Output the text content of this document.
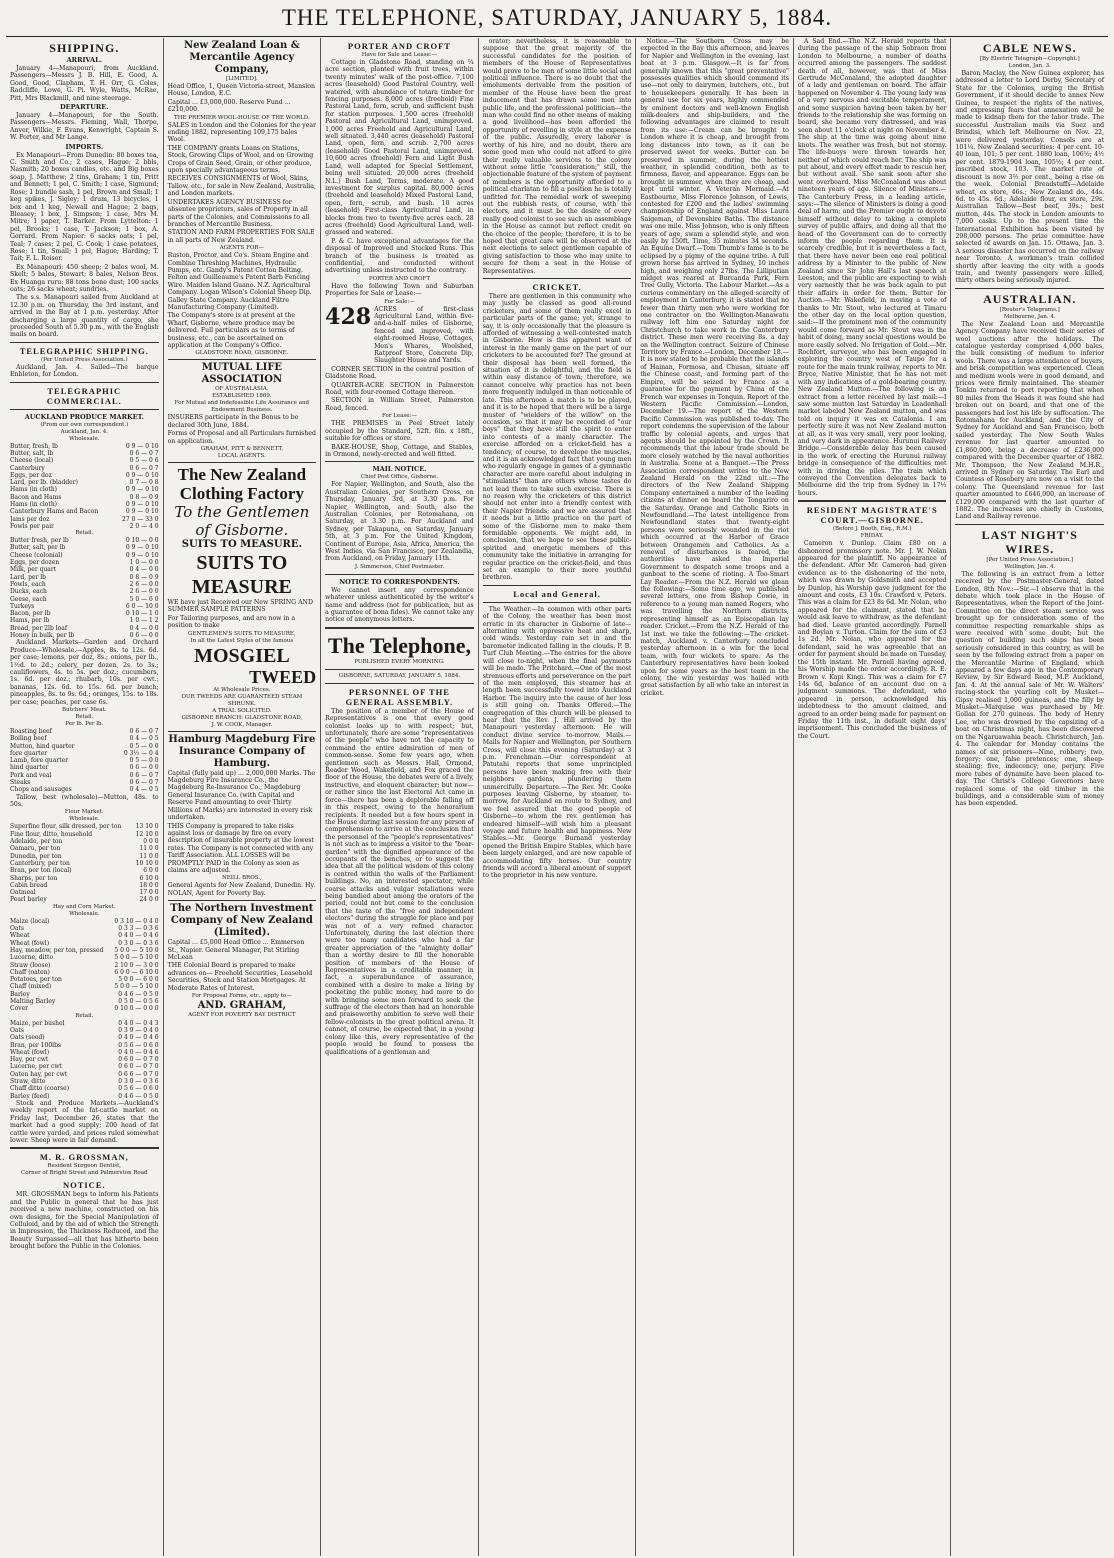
THE TELEPHONE, SATURDAY, JANUARY 5, 1884.
SHIPPING.
ARRIVAL.

January 4—Manapouri, from Auckland. Passengers—Messrs J. B. Hill, E. Good, A. Good, Good, Clapham, T. H. Orr, G. Coles, Radcliffe, Lowe, G. Pi. Wyle, Watts, McRae, Pitt, Mrs Blackmill, and nine steerage.

DEPARTURE.

January 4—Manapouri, for the South. Passengers—Messrs. Fleming, Wall, Thorpe, Anver, Wilkie, F. Evans, Kenwright, Captain S. W. Porter, and Mr Lange.

IMPORTS.

Ex Manapouri—From Dunedin: 80 boxes tea, C. Smith and Co.; 2 cases, Hague; 2 bbls, Nasmith; 20 boxes candles, etc. and Big boxes soap, J. Matthew; 2 tins, Graham; 1 tin, Pritt and Bennett; 1 pel, C. Smith; 1 case, Sigmund; Rose; 1 bundle sash, 1 pel, Brown and Small; 1 keg spikes, J. Sigley; 1 drum, 13 bicycles, 1 box and 1 keg, Newall and Hague; 2 bags, Bleasey; 1 box, J. Simpson; 1 case, Mrs M. Mitre; 1 paper, T. Barker. From Lyttelton: 1 pel, Brooks; 1 case, T. Jackson; 1 box, A. Gerrard. From Napier: 6 sacks oats; 1 pel, Teal; 7 cases; 2 pel, C. Cook; 1 case potatoes, Rose; 1 tin, Small; 1 pel, Hague; Harding; T. Tait; F. L. Roiser.

Ex Manapouri: 450 sheep; 2 bales wool, M. Skelt; 5 bales, Stewart; 8 bales, Nelson Bros. Ex Huanga ruru: 88 tons bone dust; 100 sacks oats; 26 sacks wheat; sundries.

The s.s. Manapouri sailed from Auckland at 12.30 p.m. on Thursday, the 3rd instant, and arrived in the Bay at 1 p.m. yesterday. After discharging a large quantity of cargo, she proceeded South at 5.30 p.m., with the English mails on board.

TELEGRAPHIC SHIPPING.
(Per United Press Association.)

Auckland, Jan. 4. Sailed—The barque Enbleton, for London.

TELEGRAPHIC COMMERCIAL.
AUCKLAND PRODUCE MARKET.
(From our own correspondent.)
Auckland, Jan. 4.
Wholesale.
Butter, fresh, lb	0 9 — 0 10
Butter, salt, lb	0 6 — 0 7
Cheese (local)	0 5 — 0 6
Canterbury	0 6 — 0 7
Eggs, per doz	0 9 — 0 10
Lard, per lb. (bladder)	0 7 — 0 8
Hams (in cloth)	0 9 — 0 10
Bacon and Hams	0 8 — 0 9
Hams (in cloth)	0 9 — 0 10
Canterbury Hams and Bacon	0 9 — 0 10
Jams per doz	27 0 — 33 0
Fowls per pair	2 0 — 4 0
Retail.
Butter fresh, per lb	0 10 — 0 0
Butter, salt, per lb	0 9 — 0 10
Cheese (colonial)	0 9 — 0 10
Eggs, per dozen	1 0 — 0 0
Milk, per quart	0 4 — 0 0
Lard, per lb	0 8 — 0 9
Fowls, each	2 6 — 0 0
Ducks, each	2 6 — 0 0
Geese, each	5 0 — 6 0
Turkeys	6 0 — 10 0
Bacon, per lb	0 10 — 1 0
Hams, per lb	1 0 — 1 2
Bread, per 2lb loaf	0 4 — 0 0
Honey in bulk, per lb	0 6 — 0 0

Auckland Markets—Garden and Orchard Produce—Wholesale.—Apples, 8s. to 12s. 6d. per case; lemons, per doz, 8s.; onions, per lb., 1½d. to 2d.; celery, per dozen, 2s. to 3s.; cauliflowers, 4s. to 5s. per doz.; cucumbers, 1s. 6d. per doz.; rhubarb, 10s. per cwt.; bananas, 12s. 6d. to 15s. 6d. per bunch; pineapples, 8s. to 9s. 6d.; oranges, 15s. to 18s. per case; peaches, per case 6s.

Butchers' Meat.
Retail.
Per lb. Per lb.
Roasting beef	0 6 — 0 7
Boiling beef	0 4 — 0 5
Mutton, hind quarter	0 5 — 0 0
fore quarter	0 3½ — 0 4
Lamb, fore quarter	0 5 — 0 0
hind quarter	0 6 — 0 0
Pork and veal	0 6 — 0 7
Steaks	0 6 — 0 7
Chops and sausages	0 4 — 0 5

Tallow, best (wholesale)—Mutton, 48s. to 50s.

Flour Market.
Wholesale.
Superfine flour, silk dressed, per ton	13 10 0
Fine flour, ditto, household	12 10 0
Adelaide, per ton	0 0 0
Oamaru, per ton	11 0 0
Dunedin, per ton	11 0 0
Canterbury, per ton	10 10 0
Bran, per ton (local)	6 0 0
Sharps, per ton	6 10 0
Cabin bread	18 0 0
Oatmeal	17 0 0
Pearl barley	24 0 0
Hay and Corn Market.
Wholesale.
Maize (local)	0 3 10 — 0 4 0
Oats	0 3 3 — 0 3 6
Wheat	0 4 0 — 0 4 6
Wheat (fowl)	0 3 0 — 0 3 6
Hay, meadow, per ton, pressed	5 0 0 — 5 10 0
Lucerne, ditto	5 0 0 — 5 10 0
Straw (loose)	2 10 0 — 3 0 0
Chaff (oaten)	6 0 0 — 6 10 0
Potatoes, per ton	5 0 0 — 6 0 0
Chaff (mixed)	5 0 0 — 5 10 0
Barley	0 4 6 — 0 5 0
Malting Barley	0 5 0 — 0 5 6
Cover	0 10 0 — 0 0 0
Retail.
Maize, per bushel	0 4 0 — 0 4 3
Oats	0 3 9 — 0 4 0
Oats (seed)	0 4 0 — 0 4 6
Bran, per 100lbs	0 5 6 — 0 6 0
Wheat (fowl)	0 4 0 — 0 4 6
Hay, per cwt	0 6 0 — 0 7 0
Lucerne, per cwt	0 6 0 — 0 7 0
Oaten hay, per cwt	0 6 6 — 0 7 0
Straw, ditto	0 3 0 — 0 3 6
Chaff ditto (coarse)	0 5 6 — 0 6 0
Barley (feed)	0 4 6 — 0 5 0

Stock and Produce Markets.—Auckland's weekly report of the fat-cattle market on Friday last, December 26, states that the market had a good supply; 200 head of fat cattle were yarded, and prices ruled somewhat lower. Sheep were in fair demand.

M. R. GROSSMAN,
Resident Surgeon Dentist,
Corner of Bright Street and Palmerston Road
NOTICE.

MR. GROSSMAN begs to inform his Patients and the Public in general that he has just received a new machine, constructed on his own designs, for the Special Manipulation of Celluloid, and by the aid of which the Strength in Impression, the Thickness Reduced, and the Beauty Surpassed—all that has hitherto been brought before the Public in the Colonies.

New Zealand Loan & Mercantile Agency Company,
[LIMITED].

Head Office, 1, Queen Victoria-street, Mansion House, London, E.C.

Capital ... £3,000,000. Reserve Fund ... £210,000.

THE PREMIER WOOL-HOUSE OF THE WORLD.

SALES in London and the Colonies for the year ending 1882, representing 109,175 bales Wool.

THE COMPANY grants Loans on Stations, Stock, Growing Clips of Wool, and on Growing Crops of Grain Seed, Grain, or other produce, upon specially advantageous terms.

RECEIVES CONSIGNMENTS of Wool, Skins, Tallow, etc., for sale in New Zealand, Australia, and London markets.

UNDERTAKES AGENCY BUSINESS for absentee proprietors, sales of Property in all parts of the Colonies, and Commissions to all branches of Mercantile Business.

STATION AND FARM PROPERTIES FOR SALE in all parts of New Zealand.

AGENTS FOR—

Ruston, Proctor, and Co's. Steam Engine and Combine Threshing Machines, Hydraulic Pumps, etc. Gandy's Patent Cotton Belting. Felton and Guilleaume's Patent Barb Fencing Wire. Maiden Island Guano. N.Z. Agricultural Company. Logan Wilson's Colonial Sheep Dip. Galley State Company. Auckland Filtre Manufacturing Company (Limited).

The Company's store is at present at the Wharf, Gisborne, where produce may be delivered. Full particulars as to terms of business, etc., can be ascertained on application at the Company's Office.

GLADSTONE ROAD, GISBORNE.
MUTUAL LIFE ASSOCIATION
OF AUSTRALASIA.
ESTABLISHED 1869.
For Mutual and Indefeasible Life Assurance and Endowment Business.

INSURERS participate in the Bonus to be declared 30th June, 1884.

Forms of Proposal and all Particulars furnished on application.

GRAHAM, PITT & BENNETT,
LOCAL AGENTS.
The New Zealand Clothing Factory
To the Gentlemen of Gisborne.
SUITS TO MEASURE.
SUITS TO MEASURE

WE have just Received our New SPRING AND SUMMER SAMPLE PATTERNS

For Tailoring purposes, and are now in a position to make

GENTLEMEN'S SUITS TO MEASURE,
In all the Latest Styles of the famous
MOSGIEL
TWEED
At Wholesale Prices.
OUR TWEEDS ARE GUARANTEED STEAM SHRUNK.
A TRIAL SOLICITED.
GISBORNE BRANCH: GLADSTONE ROAD,
J. W. COOK, Manager.
Hamburg Magdeburg Fire Insurance Company of Hamburg.

Capital (fully paid up) ... 2,000,000 Marks. The Magdeburg Fire Insurance Co., the Magdeburg Re-Insurance Co., Magdeburg General Insurance Co. (with Capital and Reserve Fund amounting to over Thirty Millions of Marks) are interested in every risk undertaken.

THIS Company is prepared to take risks against loss or damage by fire on every description of insurable property at the lowest rates. The Company is not connected with any Tariff Association. ALL LOSSES will be PROMPTLY PAID in the Colony as soon as claims are adjusted.

NEILL BROS.,

General Agents for New Zealand, Dunedin. Hy. NOLAN, Agent for Poverty Bay.

The Northern Investment Company of New Zealand (Limited).

Capital ... £5,000 Head Office ... Emmerson St., Napier. General Manager, Pat Stirling McLean

THE Colonial Board is prepared to make advances on— Freehold Securities, Leasehold Securities, Stock and Station Mortgages. At Moderate Rates of Interest.

For Proposal Forms, etc., apply to—
AND. GRAHAM,
AGENT FOR POVERTY BAY DISTRICT
PORTER AND CROFT
Have for Sale and Lease:—

Cottage in Gladstone Road, standing on ¼ acre section, planted with fruit trees, within twenty minutes' walk of the post-office. 7,100 acres (leasehold) Good Pastoral Country, well watered, with abundance of totara timber for fencing purposes. 8,000 acres (freehold) Fine Pastoral Land, fern, scrub, and sufficient bush for station purposes. 1,500 acres (freehold) Pastoral and Agricultural Land, unimproved. 1,000 acres Freehold and Agricultural Land, well situated. 3,440 acres (leasehold) Pastoral Land, open, fern, and scrub. 2,700 acres (leasehold) Good Pastoral Land, unimproved. 10,600 acres (freehold) Fern and Light Bush Land, well adapted for Special Settlement, being well situated. 20,000 acres (freehold N.L.) Bush Land, Terms, moderate. A good investment for surplus capital. 80,000 acres (freehold and leasehold) Mixed Pastoral Land, open, fern, scrub, and bush. 10 acres (leasehold) First-class Agricultural Land, in blocks from two to twenty-five acres each. 28 acres (freehold) Good Agricultural Land, well-grassed and watered.

P. & C. have exceptional advantages for the disposal of Improved and Stocked Runs. This branch of the business is treated as confidential, and conducted without advertising unless instructed to the contrary.

PORTER AND CROFT

Have the following Town and Suburban Properties for Sale or Lease:—

For Sale:—
428 ACRES of first-class Agricultural Land, within five-and-a-half miles of Gisborne, fenced and improved, with eight-roomed House, Cottages, Men's Whares, Woolshed, Ratproof Store, Concrete Dip, Slaughter House and Yards.

CORNER SECTION in the central position of Gladstone Road.

QUARTER-ACRE SECTION in Palmerston Road, with four-roomed Cottage thereon.

SECTION in William Street, Palmerston Road, fenced.

For Lease:—

THE PREMISES in Peel Street lately occupied by the Standard, 52ft. 6in. x 18ft., suitable for offices or store.

BAKE-HOUSE, Shop, Cottage, and Stables, in Ormond, newly-erected and well fitted.

MAIL NOTICE.
Chief Post Office, Gisborne.

For Napier, Wellington, and South, also the Australian Colonies, per Southern Cross, on Thursday, January 3rd, at 3.30 p.m. For Napier, Wellington, and South, also the Australian Colonies, per Rotomahana, on Saturday, at 3.30 p.m. For Auckland and Sydney, per Takapuna, on Saturday, January 5th, at 3 p.m. For the United Kingdom, Continent of Europe, Asia, Africa, America, the West Indies, via San Francisco, per Zealandia, from Auckland, on Friday, January 11th.

J. Simmerson, Chief Postmaster.
NOTICE TO CORRESPONDENTS.

We cannot insert any correspondence whatever unless authenticated by the writer's name and address (not for publication, but as a guarantee of bona fides). We cannot take any notice of anonymous letters.

The Telephone,
PUBLISHED EVERY MORNING.
GISBORNE, SATURDAY, JANUARY 5, 1884.
PERSONNEL OF THE GENERAL ASSEMBLY.

The position of a member of the House of Representatives is one that every good colonist looks up to with respect; but, unfortunately, there are some "representatives of the people" who have not the capacity to command the entire admiration of men of common-sense. Some few years ago, when gentlemen such as Messrs. Hall, Ormond, Reader Wood, Wakefield, and Fox graced the floor of the House, the debates were of a lively, instructive, and eloquent character; but now—or rather since the last Electoral Act came in force—there has been a deplorable falling off in this respect, owing to the honorarium recipients. It needed but a few hours spent in the House during last session for any person of comprehension to arrive at the conclusion that the personnel of the "people's representatives" is not such as to impress a visitor to the "bear-garden" with the dignified appearance of the occupants of the benches, or to suggest the idea that all the political wisdom of this colony is centred within the walls of the Parliament buildings. No, an interested spectator, while coarse attacks and vulgar retaliations were being bandied about among the orators of the period, could not but come to the conclusion that the taste of the "free and independent electors" during the struggle for place and pay was not of a very refined character. Unfortunately, during the last election there were too many candidates who had a far greater appreciation of the "almighty dollar" than a worthy desire to fill the honorable position of members of the House of Representatives in a creditable manner, in fact, a superabundance of assurance, combined with a desire to make a living by pocketing the public money, had more to do with bringing some men forward to seek the suffrage of the electors than had an honorable and praiseworthy ambition to serve well their fellow-colonists in the great political arena. It cannot, of course, be expected that, in a young colony like this, every representative of the people would be found to possess the qualifications of a gentleman and

orator; nevertheless, it is reasonable to suppose that the great majority of the successful candidates for the position of members of the House of Representatives would prove to be men of some little social and political influence. There is no doubt that the emoluments derivable from the position of member of the House have been the great inducement that has drawn some men into public life, and the professional politician—the man who could find no other means of making a good livelihood—has been afforded the opportunity of revelling in style at the expense of the public. Assuredly, every laborer is worthy of his hire, and no doubt, there are some good men who could not afford to give their really valuable services to the colony without some little "consideration;" still, the objectionable feature of the system of payment of members is the opportunity afforded to a political charlatan to fill a position he is totally unfitted for. The remedial work of sweeping out the rubbish rests, of course, with the electors, and it must be the desire of every really good colonist to see such an assemblage in the House as cannot but reflect credit on the choice of the people; therefore, it is to be hoped that great care will be observed at the next elections to select gentlemen capable of giving satisfaction to those who may unite to secure for them a seat in the House of Representatives.

CRICKET.

There are gentlemen in this community who may justly be classed as good all-round cricketers, and some of them really excel in particular parts of the game; yet, strange to say, it is only occasionally that the pleasure is afforded of witnessing a well-contested match in Gisborne. How is this apparent want of interest in the manly game on the part of our cricketers to be accounted for? The ground at their disposal has been well formed, the situation of it is delightful, and the field is within easy distance of town; therefore, we cannot conceive why practice has not been more frequently indulged in than noticeable of late. This afternoon a match is to be played, and it is to be hoped that there will be a large muster of "wielders of the willow" on the occasion, so that it may be recorded of "our boys" that they have still the spirit to enter into contests of a manly character. The exercise afforded on a cricket-field has a tendency, of course, to develope the muscles, and it is an acknowledged fact that young men who regularly engage in games of a gymnastic character are more careful about indulging in "stimulants" than are others whose tastes do not lead them to take such exercise. There is no reason why the cricketers of this district should not enter into a friendly contest with their Napier friends; and we are assured that it needs but a little practice on the part of some of the Gisborne men to make them formidable opponents. We might add, in conclusion, that we hope to see these public-spirited and energetic members of this community take the initiative in arranging for regular practice on the cricket-field, and thus set an example to their more youthful brethren.

Local and General.

The Weather.—In common with other parts of the Colony, the weather has been most erratic in its character in Gisborne of late—alternating with oppressive heat and sharp, cold winds. Yesterday rain set in and the barometer indicated falling in the clouds. P. B. Turf Club Meeting.—The entries for the above will close to-night, when the final payments will be made. The Pritchard.—One of the most strenuous efforts and perseverance on the part of the men employed, this steamer has at length been successfully towed into Auckland Harbor. The inquiry into the cause of her loss is still going on. Thanks Offered.—The congregation of this church will be pleased to hear that the Rev. J. Hill arrived by the Manapouri yesterday afternoon. He will conduct divine service to-morrow. Mails.—Mails for Napier and Wellington, per Southern Cross, will close this evening (Saturday) at 3 p.m. Frenchman.—Our correspondent at Patutahi reports that some unprincipled persons have been making free with their neighbors gardens, plundering them unmercifully. Departure.—The Rev. Mr. Cooke purposes leaving Gisborne, by steamer, to-morrow, for Auckland en route to Sydney, and we feel assured that the good people of Gisborne—to whom the rev. gentleman has endeared himself—will wish him a pleasant voyage and future health and happiness. New Stables.—Mr. George Burnand yesterday opened the British Empire Stables, which have been largely enlarged, and are now capable of accommodating fifty horses. Our country friends will accord a liberal amount of support to the proprietor in his new venture.

Notice.—The Southern Cross may be expected in the Bay this afternoon, and leaves for Napier and Wellington in the evening, last boat at 3 p.m. Glasgow.—It is far from generally known that this "great preventative" possesses qualities which should commend its use—not only to dairymen, butchers, etc., but to housekeepers generally. It has been in general use for six years, highly commended by eminent doctors and well-known English milk-dealers and ship-builders, and the following advantages are claimed to result from its use:—Cream can be brought to London where it is cheap, and brought from long distances into town, as it can be preserved sweet for weeks. Butter can be preserved in summer, during the hottest weather, in splendid condition, both as to firmness, flavor, and appearance. Eggs can be brought in summer, when they are cheap, and kept until winter. A Veteran Mermaid.—At Eastbourne, Miss Florence Johnson, of Lewis, contested for £200 and the ladies' swimming championship of England against Miss Laura Saigeman, of Devonshire Baths. The distance was one mile. Miss Johnson, who is only fifteen years of age, swam a splendid style, and won easily by 150ft. Time, 35 minutes 34 seconds. An Equine Dwarf.—Tom Thumb's fame is to be eclipsed by a pigmy of the equine tribe. A full grown horse has arrived in Sydney, 10 inches high, and weighing only 27lbs. The Lilliputian midget was reared at Burcanda Park, Fern Tree Gully, Victoria. The Labour Market.—As a curious commentary on the alleged scarcity of employment in Canterbury, it is stated that no fewer than thirty men who were working for one contractor on the Wellington-Manawatu railway left him one Saturday night for Christchurch to take work in the Canterbury district. These men were receiving 8s. a day on the Wellington contract. Seizure of Chinese Territory by France.—London, December 18.—It is now stated to be probable that the islands of Hainan, Formosa, and Chusan, situate off the Chinese coast, and forming part of the Empire, will be seized by France as a guarantee for the payment by China of the French war expenses in Tonquin. Report of the Western Pacific Commission.—London, December 19.—The report of the Western Pacific Commission was published to-day. The report condemns the supervision of the labour traffic by colonial agents, and urges that agents should be appointed by the Crown. It recommends that the labour trade should be more closely watched by the naval authorities in Australia. Scene at a Banquet.—The Press Association correspondent writes to the New Zealand Herald on the 22nd ult.:—The directors of the New Zealand Shipping Company entertained a number of the leading citizens at dinner on board the Tongariro on the Saturday. Orange and Catholic Riots in Newfoundland.—The latest intelligence from Newfoundland states that twenty-eight persons were seriously wounded in the riot which occurred at the Harbor of Grace between Orangemen and Catholics. As a renewal of disturbances is feared, the authorities have asked the Imperial Government to despatch some troops and a gunboat to the scene of rioting. A Too-Smart Lay Reader.—From the N.Z. Herald we glean the following:—Some time ago, we published several letters, one from Bishop Cowie, in reference to a young man named Rogers, who was travelling the Northern districts, representing himself as an Episcopalian lay reader. Cricket.—From the N.Z. Herald of the 1st inst. we take the following:—The cricket-match, Auckland v. Canterbury, concluded yesterday afternoon in a win for the local team, with four wickets to spare. As the Canterbury representatives have been looked upon for some years as the best team in the colony, the win yesterday was hailed with great satisfaction by all who take an interest in cricket.

A Sad End.—The N.Z. Herald reports that during the passage of the ship Sobraon from London to Melbourne, a number of deaths occurred among the passengers. The saddest death of all, however, was that of Miss Gertrude McConaland, the adopted daughter of a lady and gentleman on board. The affair happened on November 4. The young lady was of a very nervous and excitable temperament, and some suspicion having been taken by her friends to the relationship she was forming on board, she became very distressed, and was seen about 11 o'clock at night on November 4. The ship at the time was going about nine knots. The weather was fresh, but not stormy. The life-buoys were thrown towards her, neither of which could reach her. The ship was put about, and every effort made to rescue her, but without avail. She sank soon after she went overboard. Miss McConaland was about nineteen years of age. Silence of Ministers.—The Canterbury Press, in a leading article, says:—The silence of Ministers is doing a good deal of harm; and the Premier ought to devote himself without delay to taking a complete survey of public affairs, and doing all that the head of the Government can do to correctly inform the people regarding them. It is scarcely credible, but it is nevertheless a fact, that there have never been one real political address by a Minister to the public of New Zealand since Sir John Hall's last speech at Leeston; and the public are expecting to wish very earnestly that he was back again to put their affairs in order for them. Butter for Auction.—Mr. Wakefield, in moving a vote of thanks to Mr. Stout, who lectured at Timaru the other day on the local option question, said:—If the prominent men of the community would come forward as Mr. Stout was in the habit of doing, many social questions would be more easily solved. No Irrigation of Gold.—Mr. Rochfort, surveyor, who has been engaged in exploring the country west of Taupo for a route for the main trunk railway, reports to Mr. Bryce, Native Minister, that he has not met with any indications of a gold-bearing country. New Zealand Mutton.—The following is an extract from a letter received by last mail:—I saw some mutton last Saturday in Leadenhall market labeled New Zealand mutton, and was told on inquiry it was ex Catalonia. I am perfectly sure it was not New Zealand mutton at all, as it was very small, very poor looking, and very dark in appearance. Hurunui Railway Bridge.—Considerable delay has been caused in the work of erecting the Hurunui railway bridge in consequence of the difficulties met with in driving the piles. The train which conveyed the Convention delegates back to Melbourne did the trip from Sydney in 17½ hours.

RESIDENT MAGISTRATE'S COURT.—GISBORNE.
(Before J. Booth, Esq., R.M.)
FRIDAY.

Cameron v. Dunlop. Claim £80 on a dishonored promissory note. Mr. J. W. Nolan appeared for the plaintiff. No appearance of the defendant. After Mr. Cameron had given evidence as to the dishonoring of the note, which was drawn by Goldsmith and accepted by Dunlop, his Worship gave judgment for the amount and costs, £3 10s. Crawford v. Peters. This was a claim for £23 8s 6d. Mr. Nolan, who appeared for the claimant, stated that he would ask leave to withdraw, as the defendant had died. Leave granted accordingly. Parnell and Boylan v. Turton. Claim for the sum of £3 1s 2d. Mr. Nolan, who appeared for the defendant, said he was agreeable that an order for payment should be made on Tuesday, the 15th instant. Mr. Parnell having agreed, his Worship made the order accordingly. R. E. Brown v. Kapi Kingi. This was a claim for £7 14s 6d, balance of an account due on a judgment summons. The defendant, who appeared in person, acknowledged his indebtedness to the amount claimed, and agreed to an order being made for payment on Friday the 11th inst., in default eight days' imprisonment. This concluded the business of the Court.

CABLE NEWS.
[By Electric Telegraph—Copyright.]
London, Jan. 3.

Baron Maclay, the New Guinea explorer, has addressed a letter to Lord Derby, Secretary of State for the Colonies, urging the British Government, if it should decide to annex New Guinea, to respect the rights of the natives, and expressing fears that annexation will be made to kidnap them for the labor trade. The successful Australian mails via Suez and Brindisi, which left Melbourne on Nov. 22, were delivered yesterday. Consols are at 101¼. New Zealand securities: 4 per cent. 10-40 loan, 101; 5 per cent. 1880 loan, 106½; 4½ per cent. 1879-1904 loan, 105½; 4 per cent. inscribed stock, 103. The market rate of discount is now 3½ per cent., being a rise on the week. Colonial Breadstuffs—Adelaide wheat, ex store, 46s.; New Zealand do., 44s. 6d. to 45s. 6d.; Adelaide flour, ex store, 29s. Australian Tallow—Best beef, 39s.; best mutton, 44s. The stock in London amounts to 7,000 casks. Up to the present time the International Exhibition has been visited by 298,000 persons. The prize committee have selected of awards on Jan. 15. Ottawa, Jan. 3. A serious disaster has occurred on the railway near Toronto. A workman's train collided shortly after leaving the city with a goods train, and twenty passengers were killed, thirty others being seriously injured.

AUSTRALIAN.
[Reuter's Telegrams.]
Melbourne, Jan. 4.

The New Zealand Loan and Mercantile Agency Company have received their series of wool auctions after the holidays. The catalogue yesterday comprised 4,000 bales, the bulk consisting of medium to inferior wools. There was a large attendance of buyers, and brisk competition was experienced. Clean and medium wools were in good demand, and prices were firmly maintained. The steamer Tonkin returned to port reporting that when 80 miles from the Heads it was found she had broken out on board, and that one of the passengers had lost his life by suffocation. The Rotomahana for Auckland, and the City of Sydney for Auckland and San Francisco, both sailed yesterday. The New South Wales revenue for last quarter amounted to £1,860,000, being a decrease of £236,000 compared with the December quarter of 1882. Mr. Thompson, the New Zealand M.H.R., arrived in Sydney on Saturday. The Earl and Countess of Rosebery are now on a visit to the colony. The Queensland revenue for last quarter amounted to £646,000, an increase of £129,000 compared with the last quarter of 1882. The increases are chiefly in Customs, Land and Railway revenue.

LAST NIGHT'S WIRES.
[Per United Press Association.]
Wellington, Jan. 4.

The following is an extract from a letter received by the Postmaster-General, dated London, 8th Nov.:—Sir,—I observe that in the debate which took place in the House of Representatives, when the Report of the Joint-Committee on the direct steam service was brought up for consideration some of the committee respecting remarkable ships as were received with some doubt; but the question of building such ships has been seriously considered in this country, as will be seen by the following extract from a paper on the Mercantile Marine of England, which appeared a few days ago in the Contemporary Review, by Sir Edward Reed, M.P. Auckland, Jan. 4. At the annual sale of Mr. W. Walters' racing-stock the yearling colt by Musket—Gipsy realised 1,000 guineas, and the filly by Musket—Marquise was purchased by Mr. Gollan for 270 guineas. The body of Henry Lee, who was drowned by the capsizing of a boat on Christmas night, has been discovered on the Ngaruawahia beach. Christchurch, Jan. 4. The calendar for Monday contains the names of six prisoners—Nine, robbery; two, forgery; one, false pretences; one, sheep-stealing; five, indecency; one, perjury. Five more tubes of dynamite have been placed to-day. The Christ's College Governors have replaced some of the old timber in the buildings, and a considerable sum of money has been expended.
